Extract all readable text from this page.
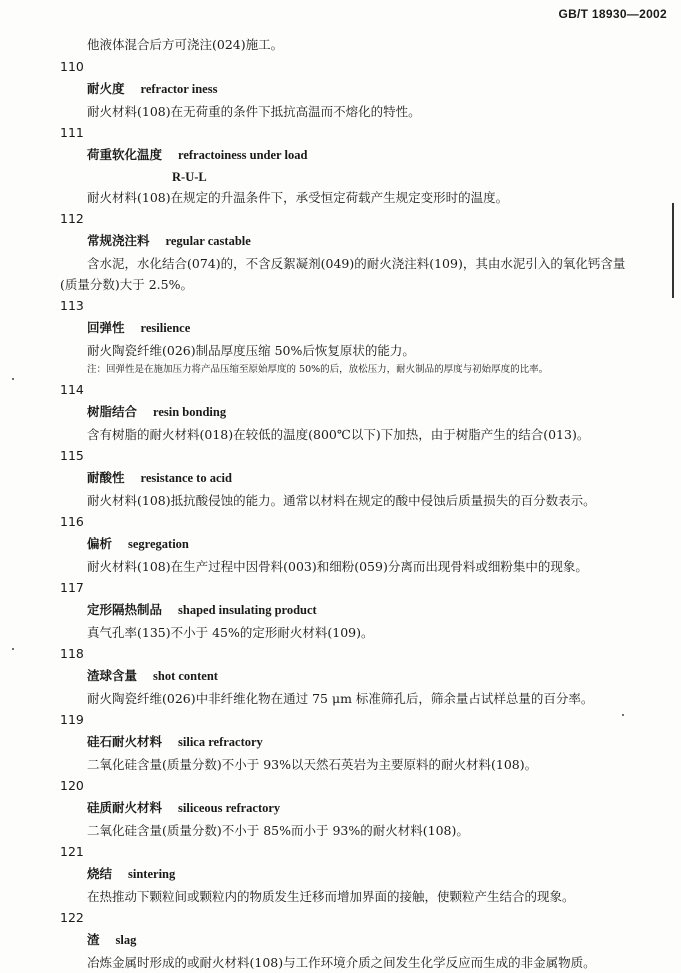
GB/T 18930—2002
他液体混合后方可浇注(024)施工。
110
耐火度 refractor iness
耐火材料(108)在无荷重的条件下抵抗高温而不熔化的特性。
111
荷重软化温度 refractoiness under load
R-U-L
耐火材料(108)在规定的升温条件下，承受恒定荷载产生规定变形时的温度。
112
常规浇注料 regular castable
含水泥，水化结合(074)的，不含反絮凝剂(049)的耐火浇注料(109)，其由水泥引入的氧化钙含量
(质量分数)大于 2.5%。
113
回弹性 resilience
耐火陶瓷纤维(026)制品厚度压缩 50%后恢复原状的能力。
注：回弹性是在施加压力将产品压缩至原始厚度的 50%的后，放松压力，耐火制品的厚度与初始厚度的比率。
114
树脂结合 resin bonding
含有树脂的耐火材料(018)在较低的温度(800℃以下)下加热，由于树脂产生的结合(013)。
115
耐酸性 resistance to acid
耐火材料(108)抵抗酸侵蚀的能力。通常以材料在规定的酸中侵蚀后质量损失的百分数表示。
116
偏析 segregation
耐火材料(108)在生产过程中因骨料(003)和细粉(059)分离而出现骨料或细粉集中的现象。
117
定形隔热制品 shaped insulating product
真气孔率(135)不小于 45%的定形耐火材料(109)。
118
渣球含量 shot content
耐火陶瓷纤维(026)中非纤维化物在通过 75 μm 标准筛孔后，筛余量占试样总量的百分率。
119
硅石耐火材料 silica refractory
二氧化硅含量(质量分数)不小于 93%以天然石英岩为主要原料的耐火材料(108)。
120
硅质耐火材料 siliceous refractory
二氧化硅含量(质量分数)不小于 85%而小于 93%的耐火材料(108)。
121
烧结 sintering
在热推动下颗粒间或颗粒内的物质发生迁移而增加界面的接触，使颗粒产生结合的现象。
122
渣 slag
冶炼金属时形成的或耐火材料(108)与工作环境介质之间发生化学反应而生成的非金属物质。
